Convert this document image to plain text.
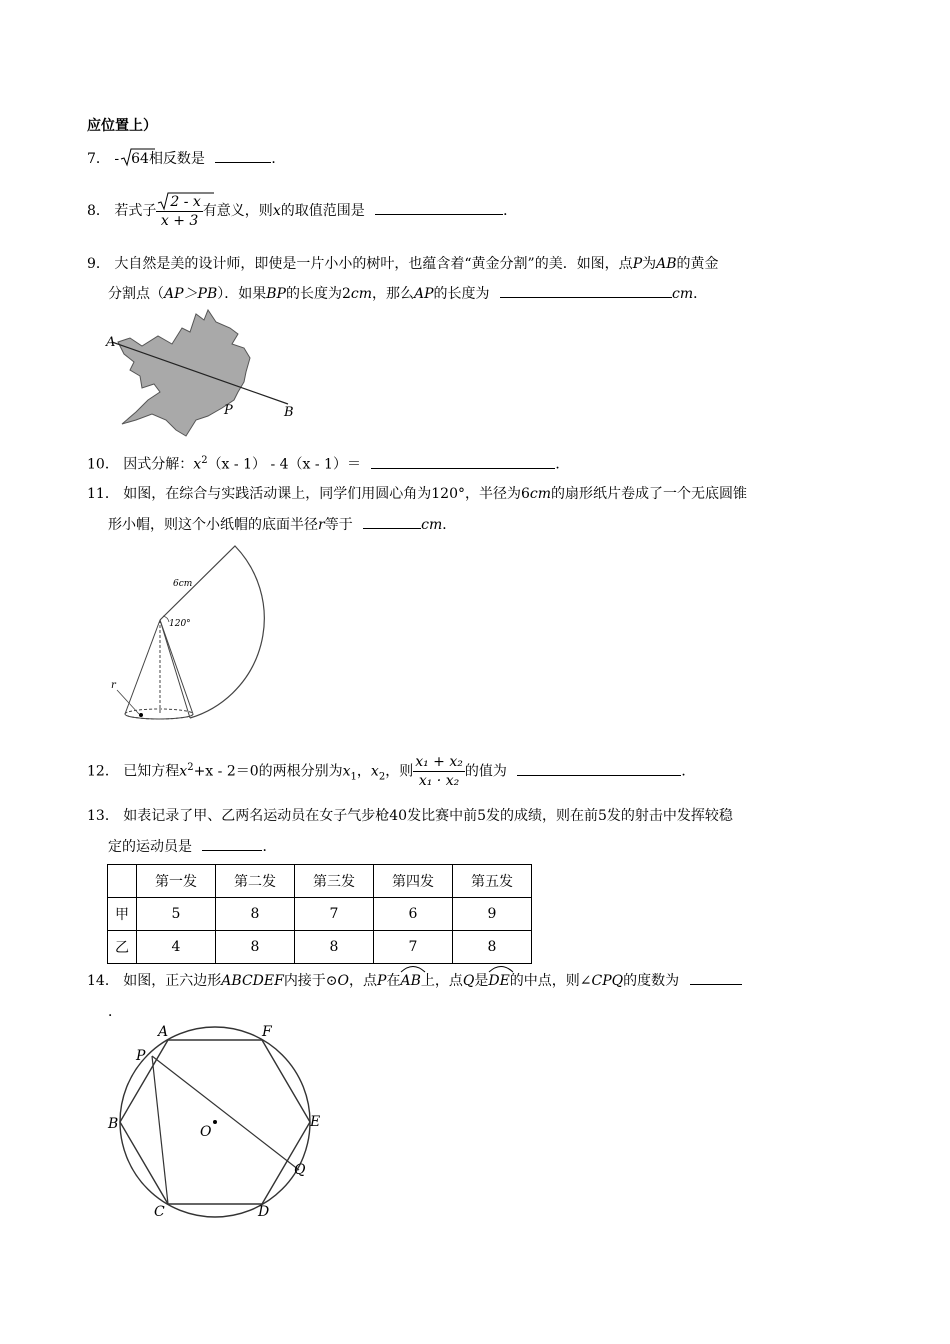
应位置上）
7． - 64相反数是	．
8． 若式子 $\frac{2 - x}{x + 3}$ 有意义，则x的取值范围是	．
9． 大自然是美的设计师，即使是一片小小的树叶，也蕴含着“黄金分割”的美．如图，点P为AB的黄金
分割点（AP＞PB）．如果BP的长度为2cm，那么AP的长度为	cm．
A
P	B
10． 因式分解：$x^2(x - 1) - 4(x - 1)=$	．
11． 如图，在综合与实践活动课上，同学们用圆心角为120°，半径为6cm的扇形纸片卷成了一个无底圆锥
形小帽，则这个小纸帽的底面半径r等于	cm．
6cm
120°
r
12． 已知方程$x^2+x - 2=0$的两根分别为$x_1$，$x_2$，则 $\frac{\text{x₁ + x₂}}{\text{x₁ · x₂}}$ 的值为	．
13． 如表记录了甲、乙两名运动员在女子气步枪40发比赛中前5发的成绩，则在前5发的射击中发挥较稳
定的运动员是	．
	第一发	第二发	第三发	第四发	第五发
甲	5	8	7	6	9
乙	4	8	8	7	8
14． 如图，正六边形ABCDEF内接于⊙O，点P在
AB上，点Q是
DE的中点，则∠CPQ的度数为
．
A	F
P
B	E
O
Q
C	D
